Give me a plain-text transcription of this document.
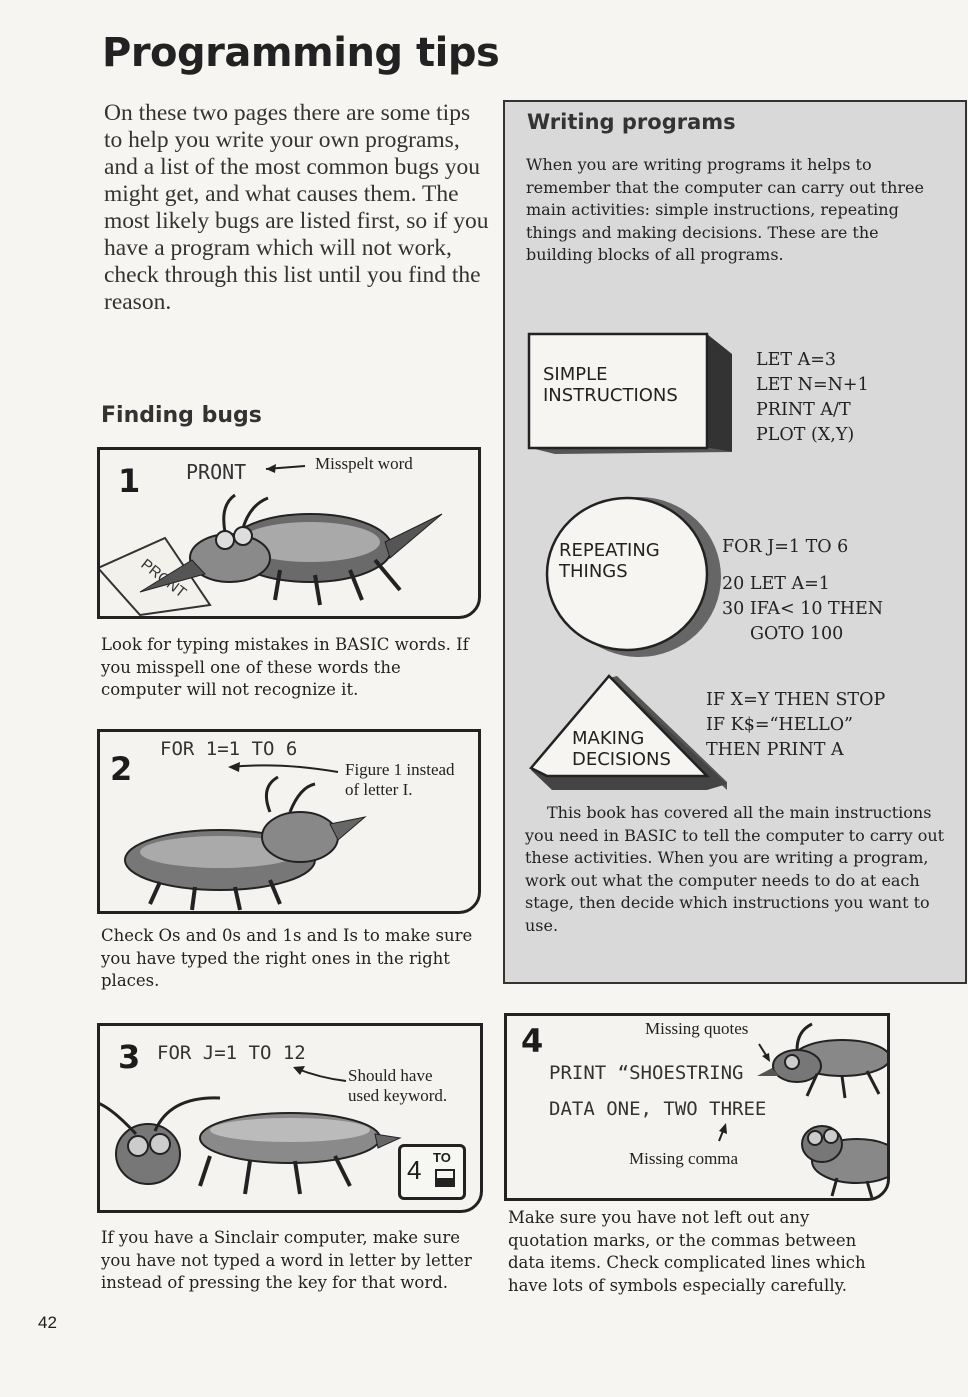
Programming tips

On these two pages there are some tips to help you write your own programs, and a list of the most common bugs you might get, and what causes them. The most likely bugs are listed first, so if you have a program which will not work, check through this list until you find the reason.

Finding bugs
1 PRONT	Misspelt word

Look for typing mistakes in BASIC words. If you misspell one of these words the computer will not recognize it.

2
FOR 1=1 TO 6
Figure 1 instead
of letter I.

Check Os and 0s and 1s and Is to make sure you have typed the right ones in the right places.

3 FOR J=1 TO 12
Should have
used keyword.
4 TO

If you have a Sinclair computer, make sure you have not typed a word in letter by letter instead of pressing the key for that word.

Writing programs

When you are writing programs it helps to remember that the computer can carry out three main activities: simple instructions, repeating things and making decisions. These are the building blocks of all programs.

SIMPLE
INSTRUCTIONS
LET A=3
LET N=N+1
PRINT A/T
PLOT (X,Y)
REPEATING
THINGS
FOR J=1 TO 6
20 LET A=1
30 IFA< 10 THEN
GOTO 100
MAKING
DECISIONS
IF X=Y THEN STOP
IF K$=“HELLO”
THEN PRINT A

This book has covered all the main instructions you need in BASIC to tell the computer to carry out these activities. When you are writing a program, work out what the computer needs to do at each stage, then decide which instructions you want to use.

4
PRINT “SHOESTRING
DATA ONE, TWO THREE
Missing quotes
Missing comma

Make sure you have not left out any quotation marks, or the commas between data items. Check complicated lines which have lots of symbols especially carefully.

42
